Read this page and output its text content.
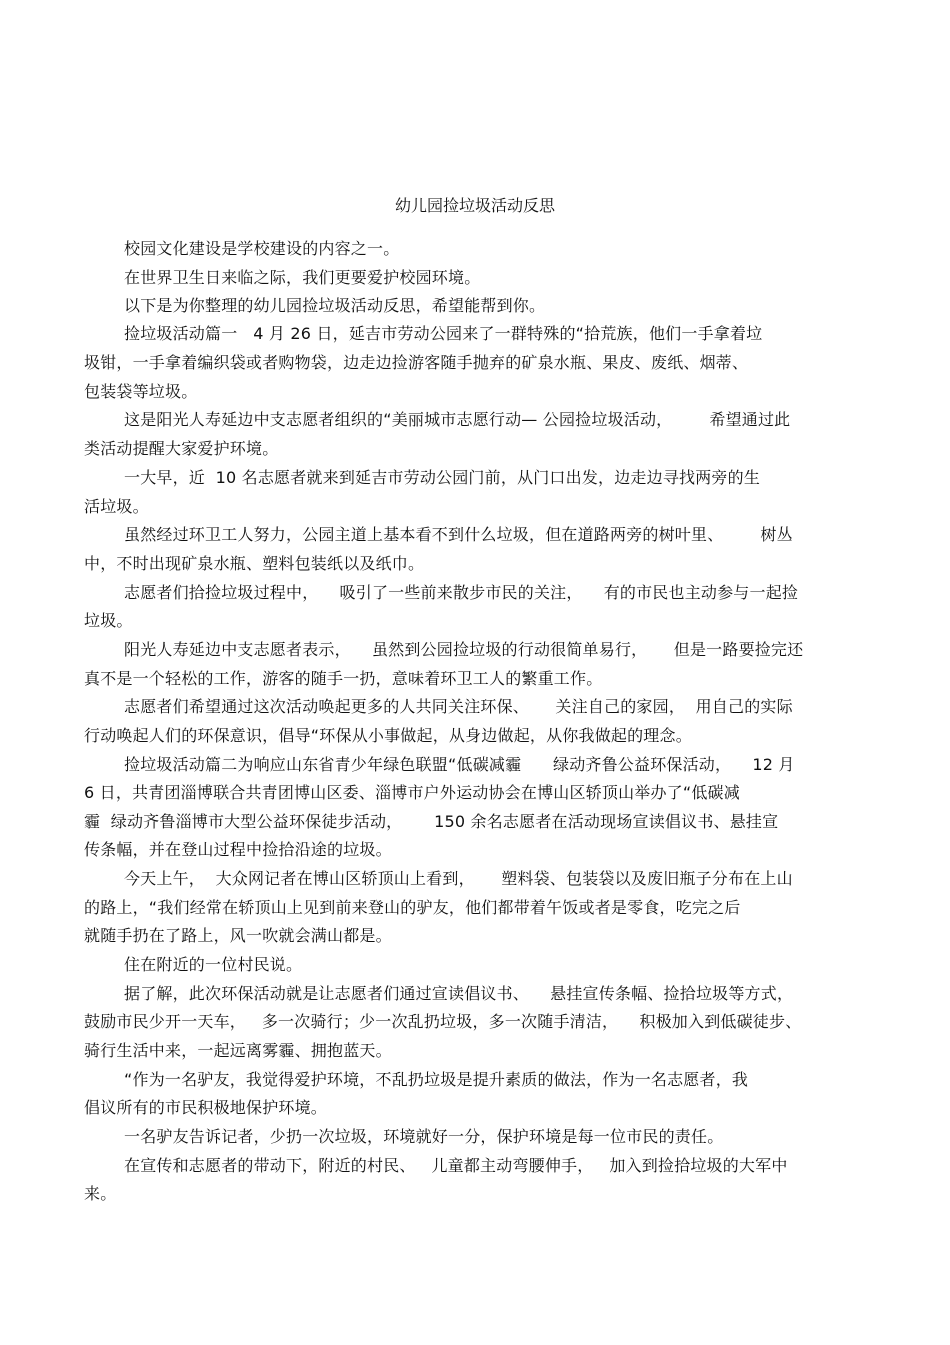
幼儿园捡垃圾活动反思
校园文化建设是学校建设的内容之一。
在世界卫生日来临之际，我们更要爱护校园环境。
以下是为你整理的幼儿园捡垃圾活动反思，希望能帮到你。
捡垃圾活动篇一   4 月 26 日，延吉市劳动公园来了一群特殊的“拾荒族，他们一手拿着垃
圾钳，一手拿着编织袋或者购物袋，边走边捡游客随手抛弃的矿泉水瓶、果皮、废纸、烟蒂、
包装袋等垃圾。
这是阳光人寿延边中支志愿者组织的“美丽城市志愿行动— 公园捡垃圾活动，       希望通过此
类活动提醒大家爱护环境。
一大早，近  10 名志愿者就来到延吉市劳动公园门前，从门口出发，边走边寻找两旁的生
活垃圾。
虽然经过环卫工人努力，公园主道上基本看不到什么垃圾，但在道路两旁的树叶里、       树丛
中，不时出现矿泉水瓶、塑料包装纸以及纸巾。
志愿者们拾捡垃圾过程中，    吸引了一些前来散步市民的关注，    有的市民也主动参与一起捡
垃圾。
阳光人寿延边中支志愿者表示，    虽然到公园捡垃圾的行动很简单易行，     但是一路要捡完还
真不是一个轻松的工作，游客的随手一扔，意味着环卫工人的繁重工作。
志愿者们希望通过这次活动唤起更多的人共同关注环保、     关注自己的家园，  用自己的实际
行动唤起人们的环保意识，倡导“环保从小事做起，从身边做起，从你我做起的理念。
捡垃圾活动篇二为响应山东省青少年绿色联盟“低碳减霾      绿动齐鲁公益环保活动，    12 月
6 日，共青团淄博联合共青团博山区委、淄博市户外运动协会在博山区轿顶山举办了“低碳减
霾  绿动齐鲁淄博市大型公益环保徒步活动，      150 余名志愿者在活动现场宣读倡议书、悬挂宣
传条幅，并在登山过程中捡拾沿途的垃圾。
今天上午，  大众网记者在博山区轿顶山上看到，     塑料袋、包装袋以及废旧瓶子分布在上山
的路上，“我们经常在轿顶山上见到前来登山的驴友，他们都带着午饭或者是零食，吃完之后
就随手扔在了路上，风一吹就会满山都是。
住在附近的一位村民说。
据了解，此次环保活动就是让志愿者们通过宣读倡议书、    悬挂宣传条幅、捡拾垃圾等方式，
鼓励市民少开一天车，   多一次骑行；少一次乱扔垃圾，多一次随手清洁，    积极加入到低碳徒步、
骑行生活中来，一起远离雾霾、拥抱蓝天。
“作为一名驴友，我觉得爱护环境，不乱扔垃圾是提升素质的做法，作为一名志愿者，我
倡议所有的市民积极地保护环境。
一名驴友告诉记者，少扔一次垃圾，环境就好一分，保护环境是每一位市民的责任。
在宣传和志愿者的带动下，附近的村民、   儿童都主动弯腰伸手，   加入到捡拾垃圾的大军中
来。
